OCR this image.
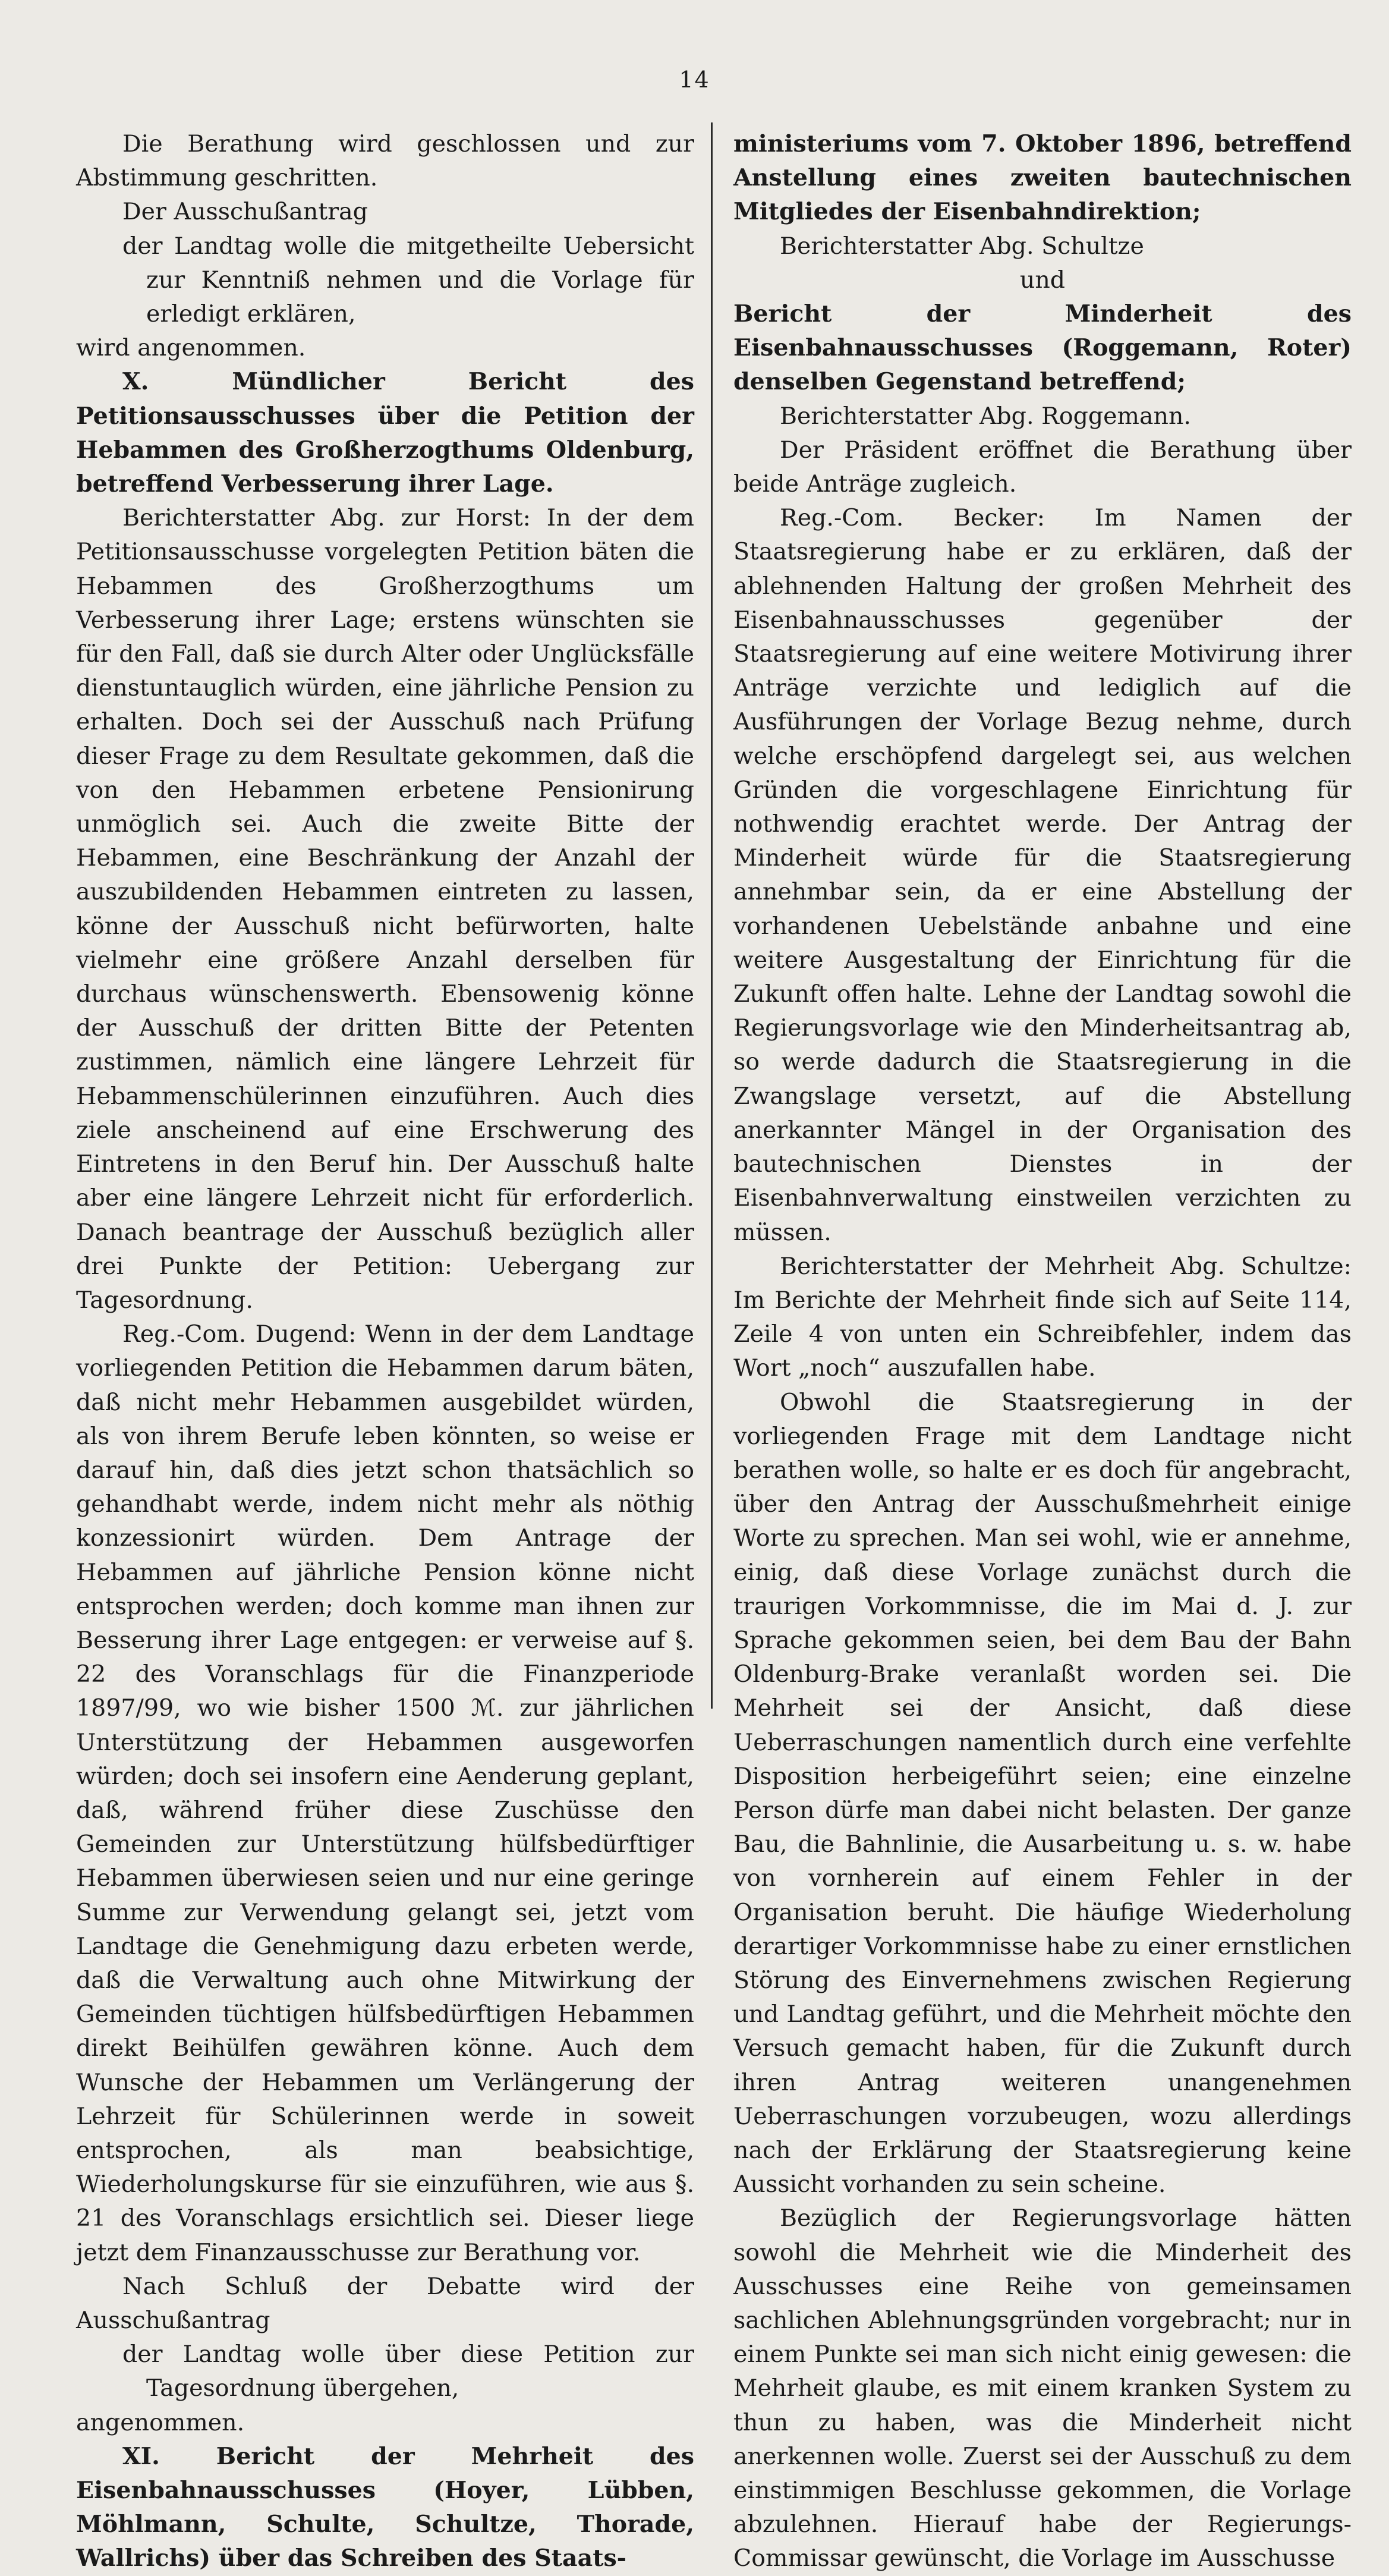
14

Die Berathung wird geschlossen und zur Abstimmung geschritten.

Der Ausschußantrag

der Landtag wolle die mitgetheilte Uebersicht zur Kenntniß nehmen und die Vorlage für erledigt erklären,

wird angenommen.

X. Mündlicher Bericht des Petitionsausschusses über die Petition der Hebammen des Großherzogthums Oldenburg, betreffend Verbesserung ihrer Lage.

Berichterstatter Abg. zur Horst: In der dem Petitionsausschusse vorgelegten Petition bäten die Hebammen des Großherzogthums um Verbesserung ihrer Lage; erstens wünschten sie für den Fall, daß sie durch Alter oder Unglücksfälle dienstuntauglich würden, eine jährliche Pension zu erhalten. Doch sei der Ausschuß nach Prüfung dieser Frage zu dem Resultate gekommen, daß die von den Hebammen erbetene Pensionirung unmöglich sei. Auch die zweite Bitte der Hebammen, eine Beschränkung der Anzahl der auszubildenden Hebammen eintreten zu lassen, könne der Ausschuß nicht befürworten, halte vielmehr eine größere Anzahl derselben für durchaus wünschenswerth. Ebensowenig könne der Ausschuß der dritten Bitte der Petenten zustimmen, nämlich eine längere Lehrzeit für Hebammenschülerinnen einzuführen. Auch dies ziele anscheinend auf eine Erschwerung des Eintretens in den Beruf hin. Der Ausschuß halte aber eine längere Lehrzeit nicht für erforderlich. Danach beantrage der Ausschuß bezüglich aller drei Punkte der Petition: Uebergang zur Tagesordnung.

Reg.-Com. Dugend: Wenn in der dem Landtage vorliegenden Petition die Hebammen darum bäten, daß nicht mehr Hebammen ausgebildet würden, als von ihrem Berufe leben könnten, so weise er darauf hin, daß dies jetzt schon thatsächlich so gehandhabt werde, indem nicht mehr als nöthig konzessionirt würden. Dem Antrage der Hebammen auf jährliche Pension könne nicht entsprochen werden; doch komme man ihnen zur Besserung ihrer Lage entgegen: er verweise auf §. 22 des Voranschlags für die Finanzperiode 1897/99, wo wie bisher 1500 ℳ. zur jährlichen Unterstützung der Hebammen ausgeworfen würden; doch sei insofern eine Aenderung geplant, daß, während früher diese Zuschüsse den Gemeinden zur Unterstützung hülfsbedürftiger Hebammen überwiesen seien und nur eine geringe Summe zur Verwendung gelangt sei, jetzt vom Landtage die Genehmigung dazu erbeten werde, daß die Verwaltung auch ohne Mitwirkung der Gemeinden tüchtigen hülfsbedürftigen Hebammen direkt Beihülfen gewähren könne. Auch dem Wunsche der Hebammen um Verlängerung der Lehrzeit für Schülerinnen werde in soweit entsprochen, als man beabsichtige, Wiederholungskurse für sie einzuführen, wie aus §. 21 des Voranschlags ersichtlich sei. Dieser liege jetzt dem Finanzausschusse zur Berathung vor.

Nach Schluß der Debatte wird der Ausschußantrag

der Landtag wolle über diese Petition zur Tagesordnung übergehen,

angenommen.

XI. Bericht der Mehrheit des Eisenbahnausschusses (Hoyer, Lübben, Möhlmann, Schulte, Schultze, Thorade, Wallrichs) über das Schreiben des Staats-

ministeriums vom 7. Oktober 1896, betreffend Anstellung eines zweiten bautechnischen Mitgliedes der Eisenbahndirektion;

Berichterstatter Abg. Schultze

und

Bericht der Minderheit des Eisenbahnausschusses (Roggemann, Roter) denselben Gegenstand betreffend;

Berichterstatter Abg. Roggemann.

Der Präsident eröffnet die Berathung über beide Anträge zugleich.

Reg.-Com. Becker: Im Namen der Staatsregierung habe er zu erklären, daß der ablehnenden Haltung der großen Mehrheit des Eisenbahnausschusses gegenüber der Staatsregierung auf eine weitere Motivirung ihrer Anträge verzichte und lediglich auf die Ausführungen der Vorlage Bezug nehme, durch welche erschöpfend dargelegt sei, aus welchen Gründen die vorgeschlagene Einrichtung für nothwendig erachtet werde. Der Antrag der Minderheit würde für die Staatsregierung annehmbar sein, da er eine Abstellung der vorhandenen Uebelstände anbahne und eine weitere Ausgestaltung der Einrichtung für die Zukunft offen halte. Lehne der Landtag sowohl die Regierungsvorlage wie den Minderheitsantrag ab, so werde dadurch die Staatsregierung in die Zwangslage versetzt, auf die Abstellung anerkannter Mängel in der Organisation des bautechnischen Dienstes in der Eisenbahnverwaltung einstweilen verzichten zu müssen.

Berichterstatter der Mehrheit Abg. Schultze: Im Berichte der Mehrheit finde sich auf Seite 114, Zeile 4 von unten ein Schreibfehler, indem das Wort „noch“ auszufallen habe.

Obwohl die Staatsregierung in der vorliegenden Frage mit dem Landtage nicht berathen wolle, so halte er es doch für angebracht, über den Antrag der Ausschußmehrheit einige Worte zu sprechen. Man sei wohl, wie er annehme, einig, daß diese Vorlage zunächst durch die traurigen Vorkommnisse, die im Mai d. J. zur Sprache gekommen seien, bei dem Bau der Bahn Oldenburg-Brake veranlaßt worden sei. Die Mehrheit sei der Ansicht, daß diese Ueberraschungen namentlich durch eine verfehlte Disposition herbeigeführt seien; eine einzelne Person dürfe man dabei nicht belasten. Der ganze Bau, die Bahnlinie, die Ausarbeitung u. s. w. habe von vornherein auf einem Fehler in der Organisation beruht. Die häufige Wiederholung derartiger Vorkommnisse habe zu einer ernstlichen Störung des Einvernehmens zwischen Regierung und Landtag geführt, und die Mehrheit möchte den Versuch gemacht haben, für die Zukunft durch ihren Antrag weiteren unangenehmen Ueberraschungen vorzubeugen, wozu allerdings nach der Erklärung der Staatsregierung keine Aussicht vorhanden zu sein scheine.

Bezüglich der Regierungsvorlage hätten sowohl die Mehrheit wie die Minderheit des Ausschusses eine Reihe von gemeinsamen sachlichen Ablehnungsgründen vorgebracht; nur in einem Punkte sei man sich nicht einig gewesen: die Mehrheit glaube, es mit einem kranken System zu thun zu haben, was die Minderheit nicht anerkennen wolle. Zuerst sei der Ausschuß zu dem einstimmigen Beschlusse gekommen, die Vorlage abzulehnen. Hierauf habe der Regierungs-Commissar gewünscht, die Vorlage im Ausschusse
